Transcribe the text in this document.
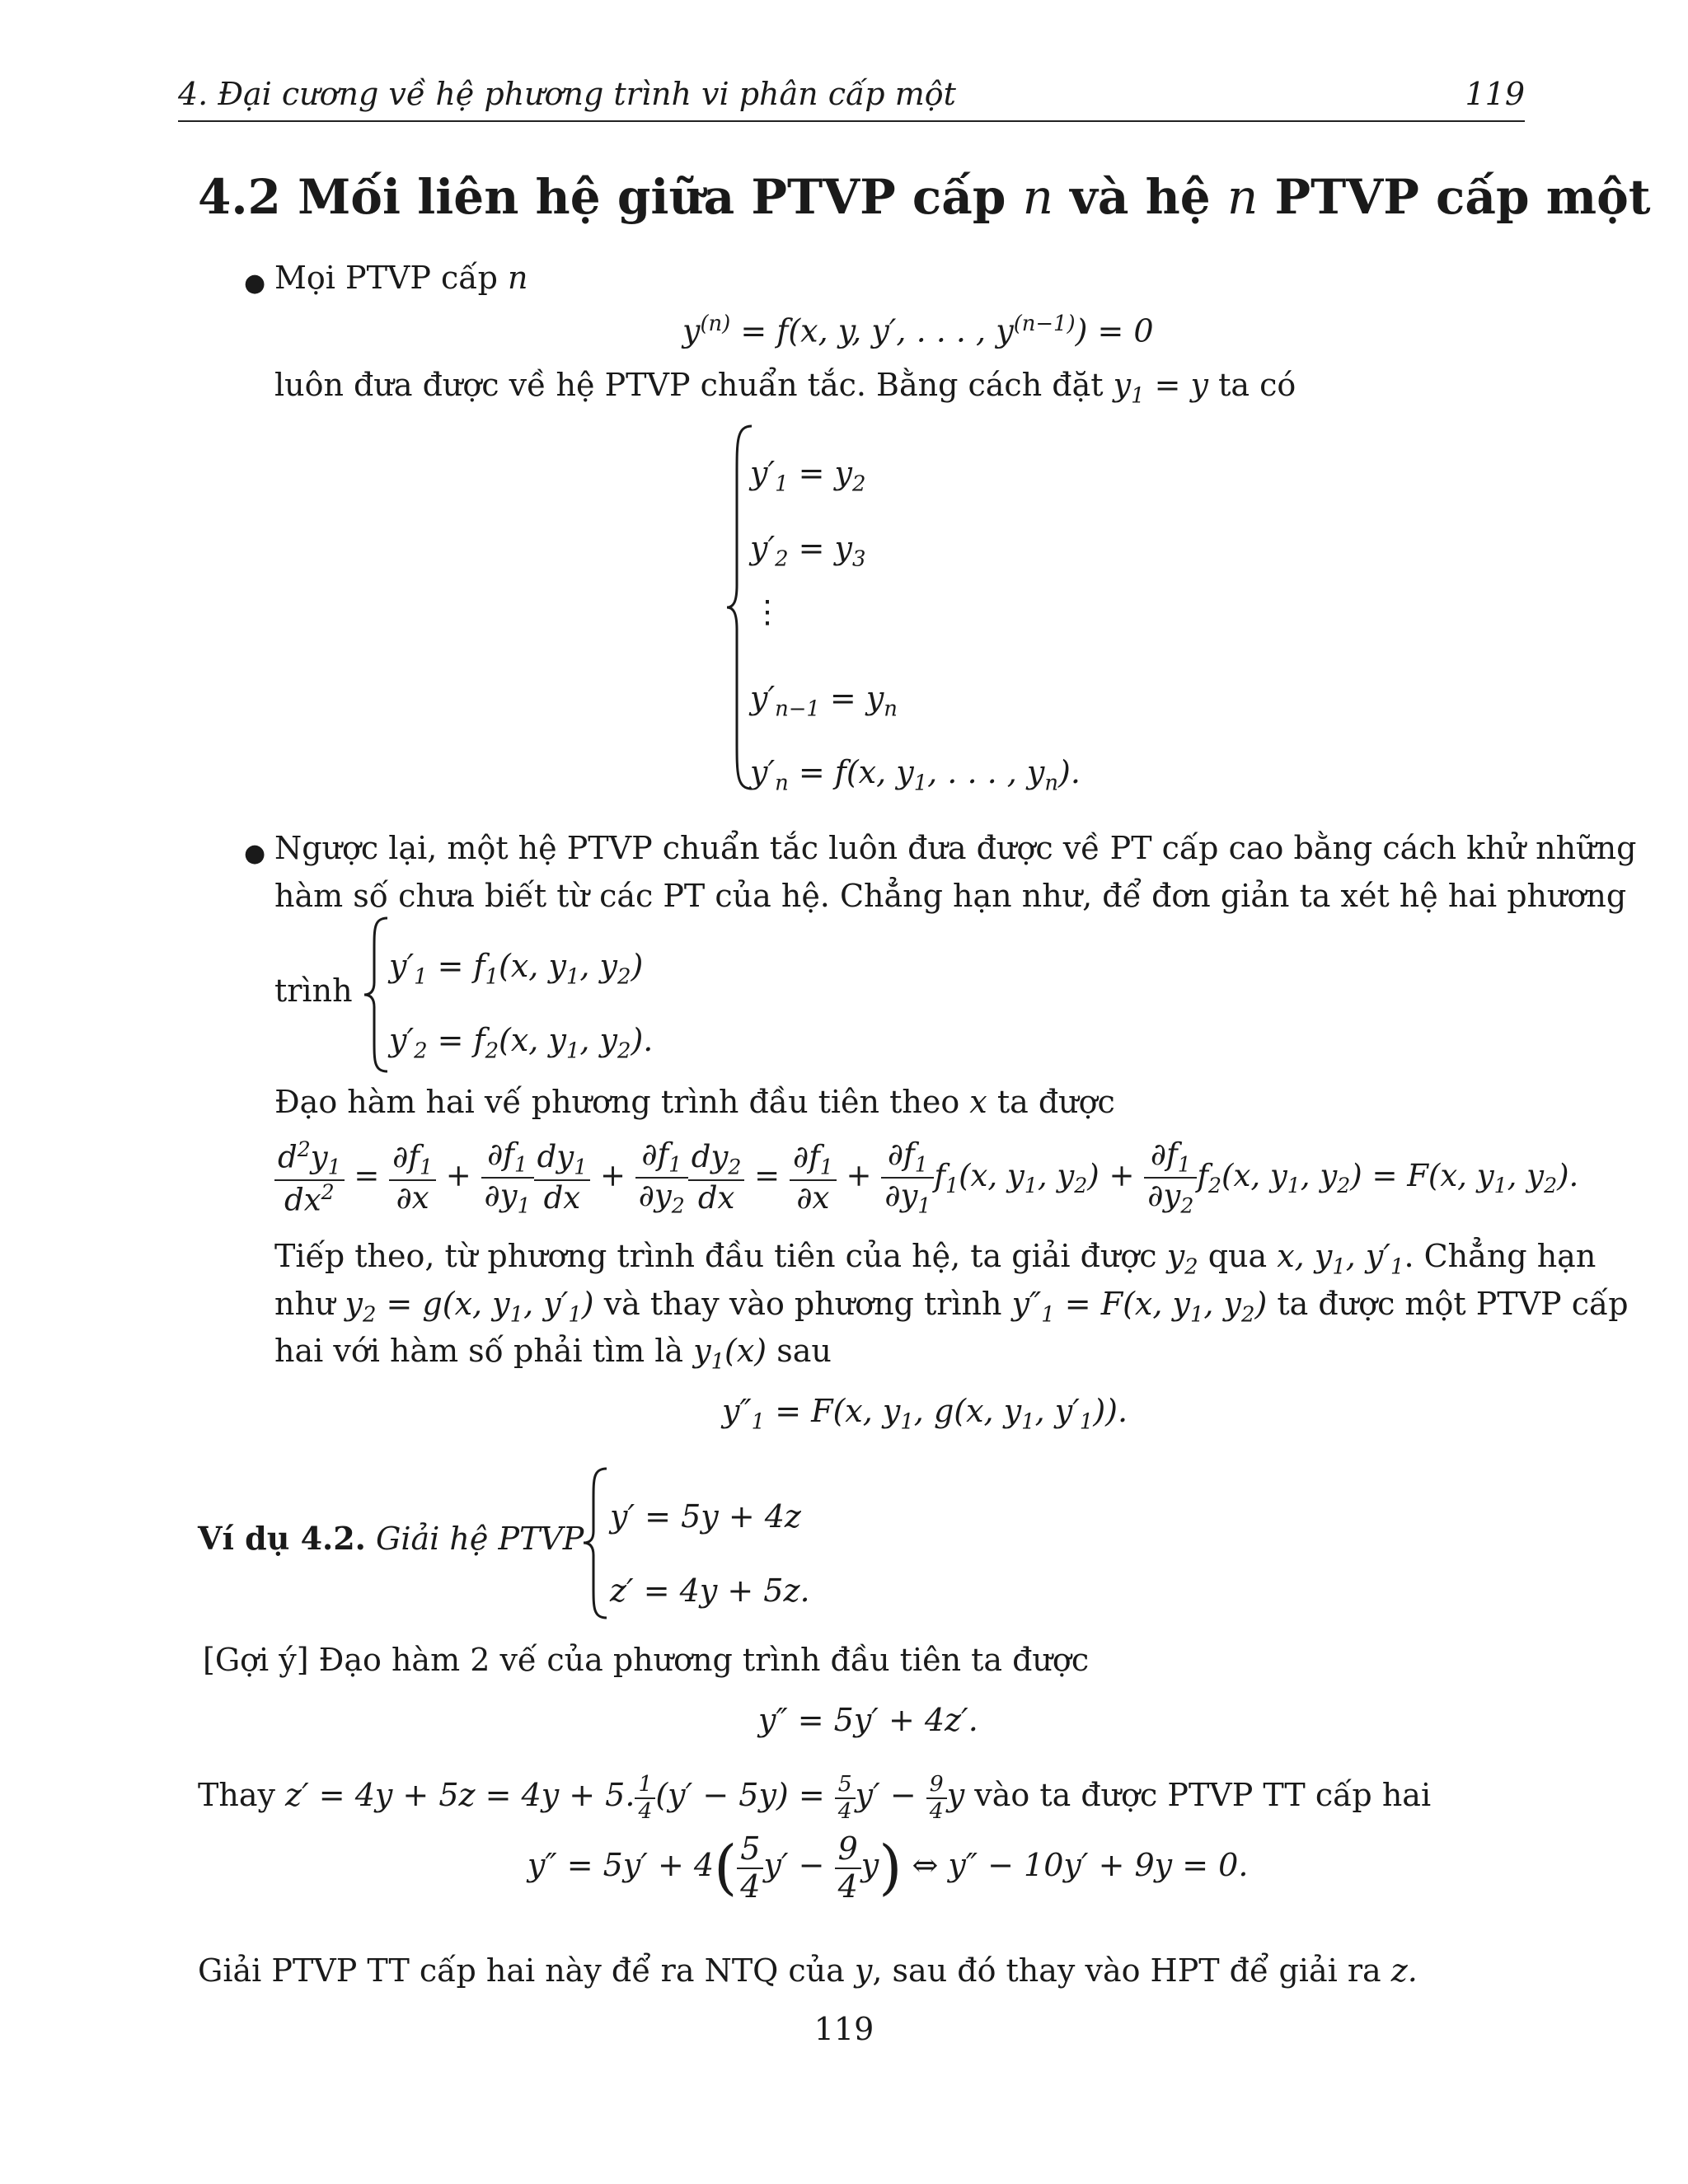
4. Đại cương về hệ phương trình vi phân cấp một	119
4.2 Mối liên hệ giữa PTVP cấp n và hệ n PTVP cấp một
● Mọi PTVP cấp n
$y^{(n)} = f(x$, y, y′, . . . , $y^{(n-1)}) = 0$
luôn đưa được về hệ PTVP chuẩn tắc. Bằng cách đặt $y_1 = y$ ta có
$y'_1 = y_2$
$y'_2 = y_3$
⋮
$y'_{n-1} = y_n$
$y'_n = f(x$, $y_1$, . . . , $y_n$).
● Ngược lại, một hệ PTVP chuẩn tắc luôn đưa được về PT cấp cao bằng cách khử những
hàm số chưa biết từ các PT của hệ. Chẳng hạn như, để đơn giản ta xét hệ hai phương
trình
$y'_1 = f_1(x$, $y_1$, $y_2$)
$y'_2 = f_2(x$, $y_1$, $y_2$).
Đạo hàm hai vế phương trình đầu tiên theo x ta được
$\frac{d^2y_1}{dx^2} = \frac{\partial f_1}{\partial x} + \frac{\partial f_1}{\partial y_1} \frac{dy_1}{dx} + \frac{\partial f_1}{\partial y_2} \frac{dy_2}{dx} = \frac{\partial f_1}{\partial x} + \frac{\partial f_1}{\partial y_1} f_1(x$, $y_1$, $y_2) + \frac{\partial f_1}{\partial y_2} f_2(x$, $y_1$, $y_2) = F(x$, $y_1$, $y_2$).
Tiếp theo, từ phương trình đầu tiên của hệ, ta giải được $y_2$ qua x, $y_1$, $y'_1$. Chẳng hạn
như $y_2 = g(x$, $y_1$, $y'_1$) và thay vào phương trình $y''_1 = F(x$, $y_1$, $y_2$) ta được một PTVP cấp
hai với hàm số phải tìm là $y_1(x)$ sau
$y''_1 = F(x$, $y_1$, g(x, $y_1$, $y'_1$)).
Ví dụ 4.2. Giải hệ PTVP
y′ = 5y + 4z
z′ = 4y + 5z.
[Gợi ý] Đạo hàm 2 vế của phương trình đầu tiên ta được
y″ = 5y′ + 4z′.
Thay z′ = 4y + 5z = 4y + 5. $\frac{1}{4} (y' - 5y) = \frac{5}{4} y' - \frac{9}{4}$ y vào ta được PTVP TT cấp hai
$y'' = 5y' + 4( \frac{5}{4} y' - \frac{9}{4} y)$ ⇔ y″ − 10y′ + 9y = 0.
Giải PTVP TT cấp hai này để ra NTQ của y, sau đó thay vào HPT để giải ra z.
119
